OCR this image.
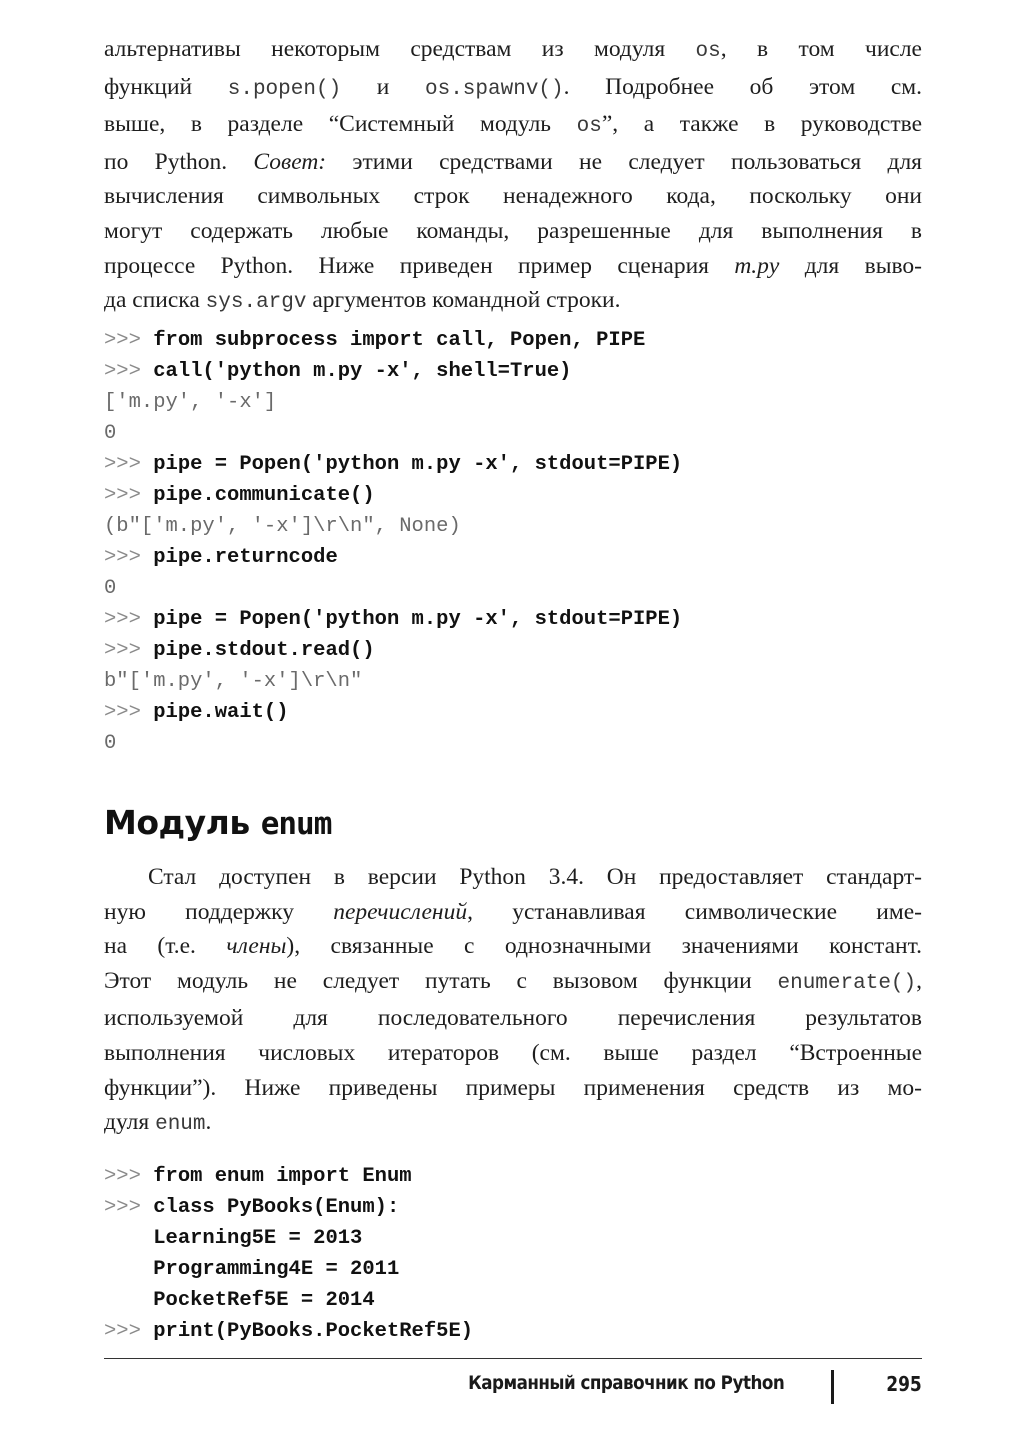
альтернативы некоторым средствам из модуля os, в том числе
функций s.popen() и os.spawnv(). Подробнее об этом см.
выше, в разделе “Системный модуль os”, а также в руководстве
по Python. Совет: этими средствами не следует пользоваться для
вычисления символьных строк ненадежного кода, поскольку они
могут содержать любые команды, разрешенные для выполнения в
процессе Python. Ниже приведен пример сценария m.py для выво-
да списка sys.argv аргументов командной строки.

>>> from subprocess import call, Popen, PIPE
>>> call('python m.py -x', shell=True)
['m.py', '-x']
0
>>> pipe = Popen('python m.py -x', stdout=PIPE)
>>> pipe.communicate()
(b"['m.py', '-x']\r\n", None)
>>> pipe.returncode
0
>>> pipe = Popen('python m.py -x', stdout=PIPE)
>>> pipe.stdout.read()
b"['m.py', '-x']\r\n"
>>> pipe.wait()
0
Модуль enum

Стал доступен в версии Python 3.4. Он предоставляет стандарт-
ную поддержку перечислений, устанавливая символические име-
на (т.е. члены), связанные с однозначными значениями констант.
Этот модуль не следует путать с вызовом функции enumerate(),
используемой для последовательного перечисления результатов
выполнения числовых итераторов (см. выше раздел “Встроенные
функции”). Ниже приведены примеры применения средств из мо-
дуля enum.

>>> from enum import Enum
>>> class PyBooks(Enum):
Learning5E = 2013
Programming4E = 2011
PocketRef5E = 2014
>>> print(PyBooks.PocketRef5E)
Карманный справочник по Python	295
